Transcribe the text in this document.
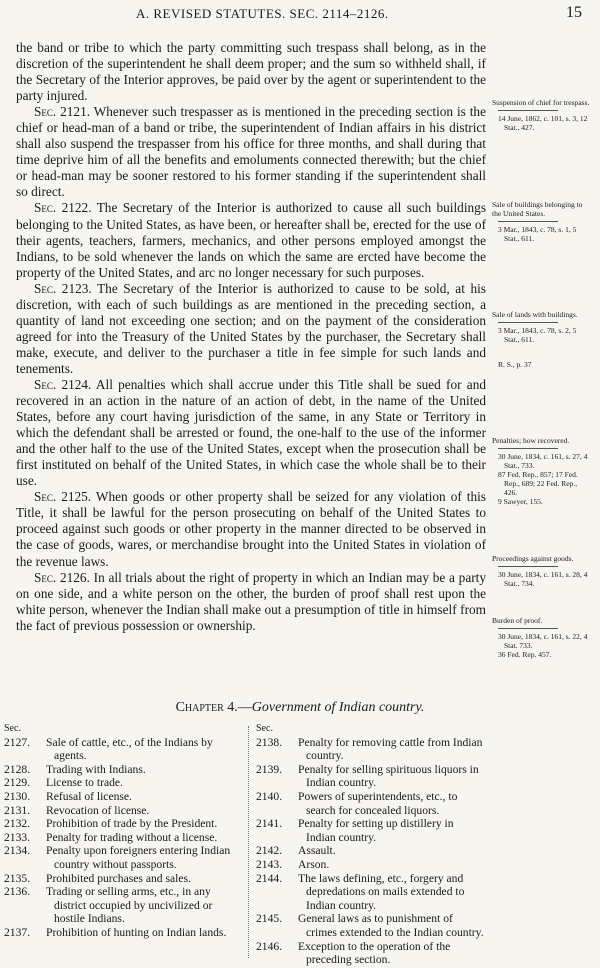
A. REVISED STATUTES. SEC. 2114–2126.	15

the band or tribe to which the party committing such trespass shall belong, as in the discretion of the superintendent he shall deem proper; and the sum so withheld shall, if the Secretary of the Interior approves, be paid over by the agent or superintendent to the party injured.

Sec. 2121. Whenever such trespasser as is mentioned in the preceding section is the chief or head-man of a band or tribe, the superintendent of Indian affairs in his district shall also suspend the trespasser from his office for three months, and shall during that time deprive him of all the benefits and emoluments connected therewith; but the chief or head-man may be sooner restored to his former standing if the superintendent shall so direct.

Sec. 2122. The Secretary of the Interior is authorized to cause all such buildings belonging to the United States, as have been, or hereafter shall be, erected for the use of their agents, teachers, farmers, mechanics, and other persons employed amongst the Indians, to be sold whenever the lands on which the same are ercted have become the property of the United States, and arc no longer necessary for such purposes.

Sec. 2123. The Secretary of the Interior is authorized to cause to be sold, at his discretion, with each of such buildings as are mentioned in the preceding section, a quantity of land not exceeding one section; and on the payment of the consideration agreed for into the Treasury of the United States by the purchaser, the Secretary shall make, execute, and deliver to the purchaser a title in fee simple for such lands and tenements.

Sec. 2124. All penalties which shall accrue under this Title shall be sued for and recovered in an action in the nature of an action of debt, in the name of the United States, before any court having jurisdiction of the same, in any State or Territory in which the defendant shall be arrested or found, the one-half to the use of the informer and the other half to the use of the United States, except when the prosecution shall be first instituted on behalf of the United States, in which case the whole shall be to their use.

Sec. 2125. When goods or other property shall be seized for any violation of this Title, it shall be lawful for the person prosecuting on behalf of the United States to proceed against such goods or other property in the manner directed to be observed in the case of goods, wares, or merchandise brought into the United States in violation of the revenue laws.

Sec. 2126. In all trials about the right of property in which an Indian may be a party on one side, and a white person on the other, the burden of proof shall rest upon the white person, whenever the Indian shall make out a presumption of title in himself from the fact of previous possession or ownership.

Suspension of chief for trespass.
14 June, 1862, c. 101, s. 3, 12 Stat., 427.
Sale of buildings belonging to the United States.
3 Mar., 1843, c. 78, s. 1, 5 Stat., 611.
Sale of lands with buildings.
3 Mar., 1843, c. 78, s. 2, 5 Stat., 611.
R. S., p. 37
Penalties; how recovered.
30 June, 1834, c. 161, s. 27, 4 Stat., 733.
87 Fed. Rep., 857; 17 Fed. Rep., 689; 22 Fed. Rep., 426.
9 Sawyer, 155.
Proceedings against goods.
30 June, 1834, c. 161, s. 28, 4 Stat., 734.
Burden of proof.
30 June, 1834, c. 161, s. 22, 4 Stat. 733.
36 Fed. Rep. 457.
Chapter 4.—Government of Indian country.
Sec.
2127.	Sale of cattle, etc., of the Indians by agents.
2128.	Trading with Indians.
2129.	License to trade.
2130.	Refusal of license.
2131.	Revocation of license.
2132.	Prohibition of trade by the President.
2133.	Penalty for trading without a license.
2134.	Penalty upon foreigners entering Indian country without passports.
2135.	Prohibited purchases and sales.
2136.	Trading or selling arms, etc., in any district occupied by uncivilized or hostile Indians.
2137.	Prohibition of hunting on Indian lands.
Sec.
2138.	Penalty for removing cattle from Indian country.
2139.	Penalty for selling spirituous liquors in Indian country.
2140.	Powers of superintendents, etc., to search for concealed liquors.
2141.	Penalty for setting up distillery in Indian country.
2142.	Assault.
2143.	Arson.
2144.	The laws defining, etc., forgery and depredations on mails extended to Indian country.
2145.	General laws as to punishment of crimes extended to the Indian country.
2146.	Exception to the operation of the preceding section.
